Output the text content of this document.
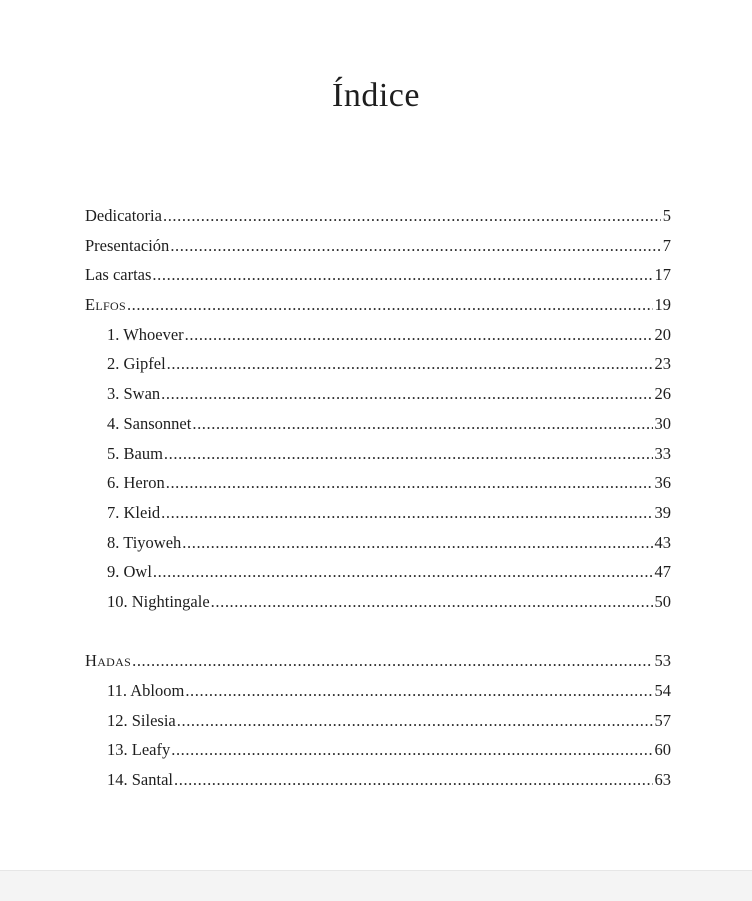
Índice
Dedicatoria .....	5
Presentación .....	7
Las cartas .....	17
Elfos .....	19
1. Whoever .....	20
2. Gipfel .....	23
3. Swan .....	26
4. Sansonnet .....	30
5. Baum .....	33
6. Heron .....	36
7. Kleid .....	39
8. Tiyoweh .....	43
9. Owl .....	47
10. Nightingale .....	50
Hadas .....	53
11. Abloom .....	54
12. Silesia .....	57
13. Leafy .....	60
14. Santal .....	63
